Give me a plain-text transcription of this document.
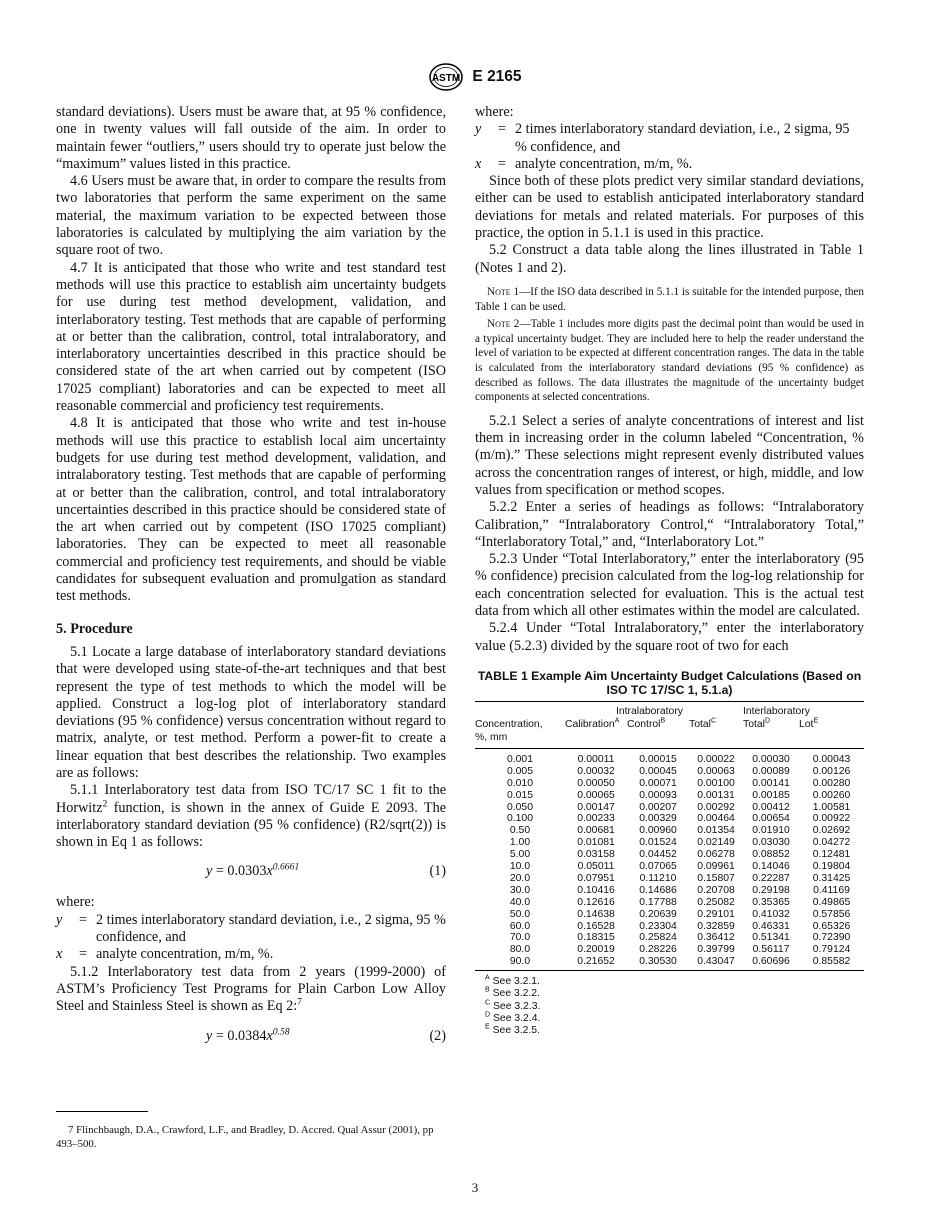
ASTM E 2165

standard deviations). Users must be aware that, at 95 % confidence, one in twenty values will fall outside of the aim. In order to maintain fewer “outliers,” users should try to operate just below the “maximum” values listed in this practice.

4.6 Users must be aware that, in order to compare the results from two laboratories that perform the same experiment on the same material, the maximum variation to be expected between those laboratories is calculated by multiplying the aim variation by the square root of two.

4.7 It is anticipated that those who write and test standard test methods will use this practice to establish aim uncertainty budgets for use during test method development, validation, and interlaboratory testing. Test methods that are capable of performing at or better than the calibration, control, total intralaboratory, and interlaboratory uncertainties described in this practice should be considered state of the art when carried out by competent (ISO 17025 compliant) laboratories and can be expected to meet all reasonable commercial and proficiency test requirements.

4.8 It is anticipated that those who write and test in-house methods will use this practice to establish local aim uncertainty budgets for use during test method development, validation, and intralaboratory testing. Test methods that are capable of performing at or better than the calibration, control, and total intralaboratory uncertainties described in this practice should be considered state of the art when carried out by competent (ISO 17025 compliant) laboratories. They can be expected to meet all reasonable commercial and proficiency test requirements, and should be viable candidates for subsequent evaluation and promulgation as standard test methods.

5. Procedure

5.1 Locate a large database of interlaboratory standard deviations that were developed using state-of-the-art techniques and that best represent the type of test methods to which the model will be applied. Construct a log-log plot of interlaboratory standard deviations (95 % confidence) versus concentration without regard to matrix, analyte, or test method. Perform a power-fit to create a linear equation that best describes the relationship. Two examples are as follows:

5.1.1 Interlaboratory test data from ISO TC/17 SC 1 fit to the Horwitz$^2$ function, is shown in the annex of Guide E 2093. The interlaboratory standard deviation (95 % confidence) (R2/sqrt(2)) is shown in Eq 1 as follows:

$y = 0.0303x^{0.6661}$	(1)

where:

y	= 2 times interlaboratory standard deviation, i.e., 2 sigma, 95 % confidence, and
x	= analyte concentration, m/m, %.

5.1.2 Interlaboratory test data from 2 years (1999-2000) of ASTM’s Proficiency Test Programs for Plain Carbon Low Alloy Steel and Stainless Steel is shown as Eq 2:$^7$

$y = 0.0384x^{0.58}$	(2)
7 Flinchbaugh, D.A., Crawford, L.F., and Bradley, D. Accred. Qual Assur (2001), pp 493–500.

where:

y	= 2 times interlaboratory standard deviation, i.e., 2 sigma, 95 % confidence, and
x	= analyte concentration, m/m, %.

Since both of these plots predict very similar standard deviations, either can be used to establish anticipated interlaboratory standard deviations for metals and related materials. For purposes of this practice, the option in 5.1.1 is used in this practice.

5.2 Construct a data table along the lines illustrated in Table 1 (Notes 1 and 2).

Note 1—If the ISO data described in 5.1.1 is suitable for the intended purpose, then Table 1 can be used.

Note 2—Table 1 includes more digits past the decimal point than would be used in a typical uncertainty budget. They are included here to help the reader understand the level of variation to be expected at different concentration ranges. The data in the table is calculated from the interlaboratory standard deviations (95 % confidence) as described as follows. The data illustrates the magnitude of the uncertainty budget components at selected concentrations.

5.2.1 Select a series of analyte concentrations of interest and list them in increasing order in the column labeled “Concentration, %(m/m).” These selections might represent evenly distributed values across the concentration ranges of interest, or high, middle, and low values from specification or method scopes.

5.2.2 Enter a series of headings as follows: “Intralaboratory Calibration,” “Intralaboratory Control,“ “Intralaboratory Total,” “Interlaboratory Total,” and, “Interlaboratory Lot.”

5.2.3 Under “Total Interlaboratory,” enter the interlaboratory (95 % confidence) precision calculated from the log-log relationship for each concentration selected for evaluation. This is the actual test data from which all other estimates within the model are calculated.

5.2.4 Under “Total Intralaboratory,” enter the interlaboratory value (5.2.3) divided by the square root of two for each

TABLE 1 Example Aim Uncertainty Budget Calculations (Based on ISO TC 17/SC 1, 5.1.a)
	Intralaboratory			Interlaboratory	
Concentration,	Calibration$^A$	Control$^B$	Total$^C$	Total$^D$	Lot$^E$
%, mm					
0.001	0.00011	0.00015	0.00022	0.00030	0.00043
0.005	0.00032	0.00045	0.00063	0.00089	0.00126
0.010	0.00050	0.00071	0.00100	0.00141	0.00280
0.015	0.00065	0.00093	0.00131	0.00185	0.00260
0.050	0.00147	0.00207	0.00292	0.00412	1.00581
0.100	0.00233	0.00329	0.00464	0.00654	0.00922
0.50	0.00681	0.00960	0.01354	0.01910	0.02692
1.00	0.01081	0.01524	0.02149	0.03030	0.04272
5.00	0.03158	0.04452	0.06278	0.08852	0.12481
10.0	0.05011	0.07065	0.09961	0.14046	0.19804
20.0	0.07951	0.11210	0.15807	0.22287	0.31425
30.0	0.10416	0.14686	0.20708	0.29198	0.41169
40.0	0.12616	0.17788	0.25082	0.35365	0.49865
50.0	0.14638	0.20639	0.29101	0.41032	0.57856
60.0	0.16528	0.23304	0.32859	0.46331	0.65326
70.0	0.18315	0.25824	0.36412	0.51341	0.72390
80.0	0.20019	0.28226	0.39799	0.56117	0.79124
90.0	0.21652	0.30530	0.43047	0.60696	0.85582
$^A$ See 3.2.1.
$^B$ See 3.2.2.
$^C$ See 3.2.3.
$^D$ See 3.2.4.
$^E$ See 3.2.5.
3
